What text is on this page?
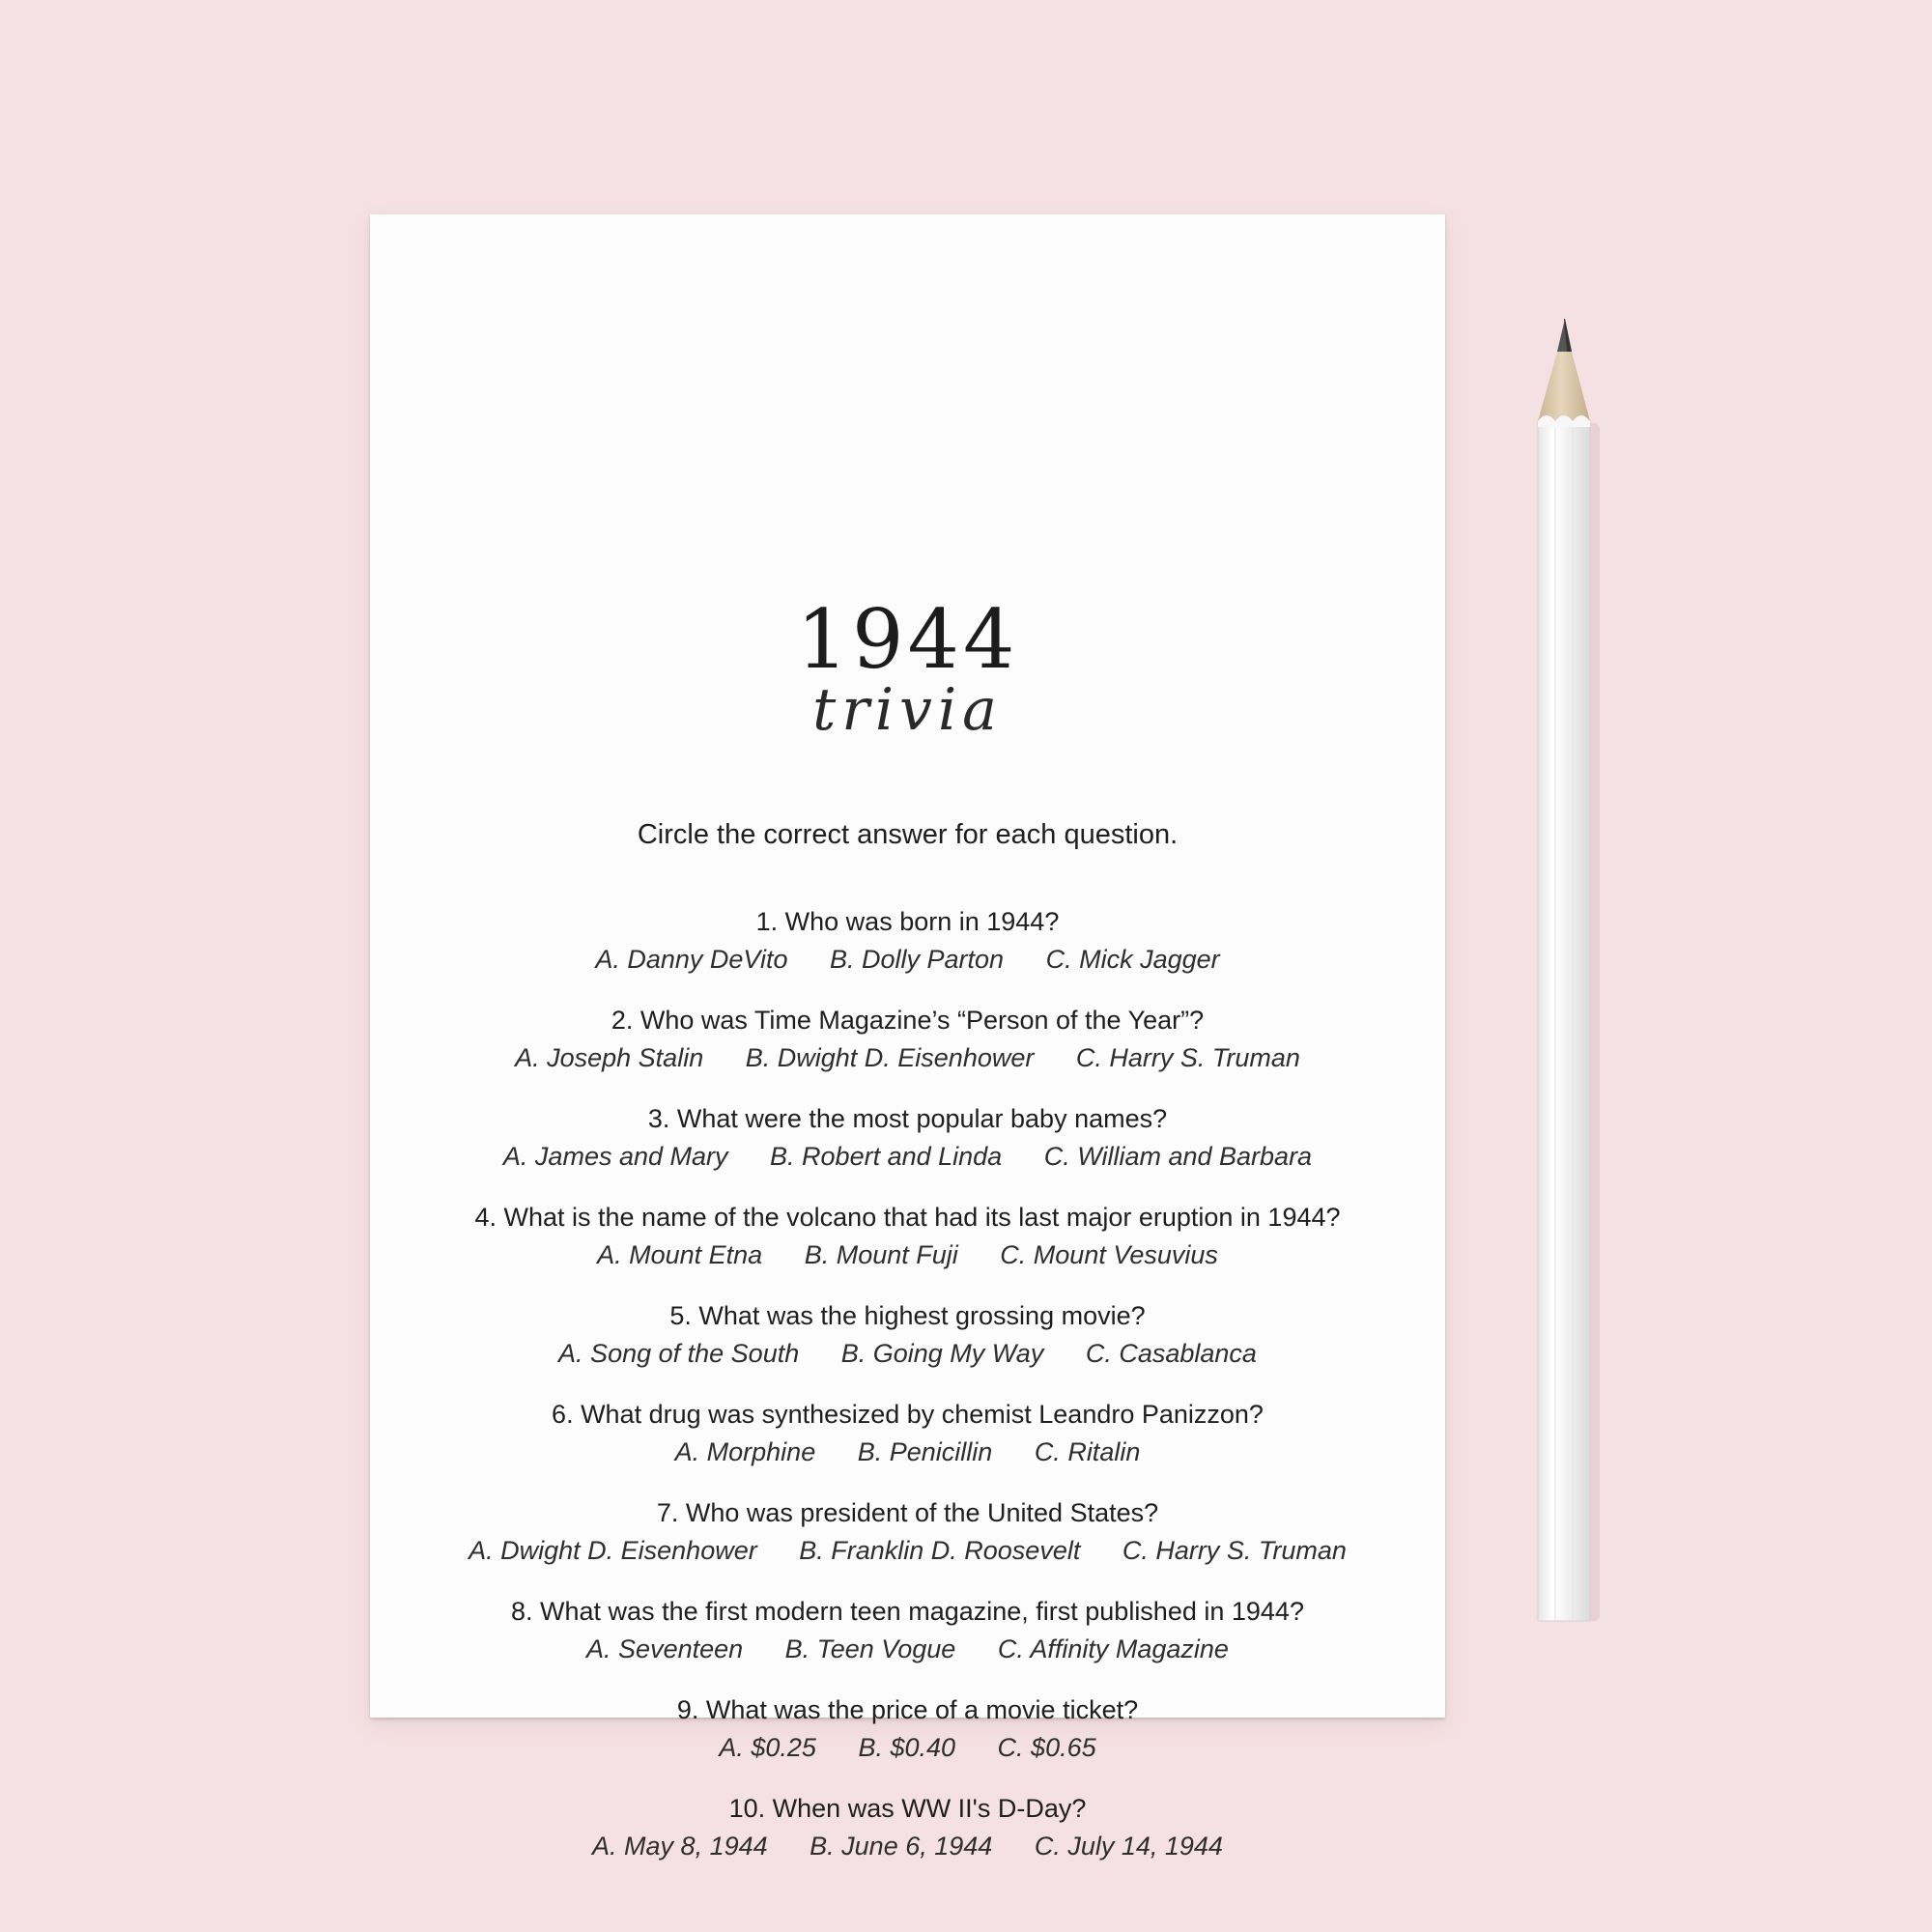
1944
trivia
Circle the correct answer for each question.
1. Who was born in 1944?
A. Danny DeVito B. Dolly Parton C. Mick Jagger
2. Who was Time Magazine’s “Person of the Year”?
A. Joseph Stalin B. Dwight D. Eisenhower C. Harry S. Truman
3. What were the most popular baby names?
A. James and Mary B. Robert and Linda C. William and Barbara
4. What is the name of the volcano that had its last major eruption in 1944?
A. Mount Etna B. Mount Fuji C. Mount Vesuvius
5. What was the highest grossing movie?
A. Song of the South B. Going My Way C. Casablanca
6. What drug was synthesized by chemist Leandro Panizzon?
A. Morphine B. Penicillin C. Ritalin
7. Who was president of the United States?
A. Dwight D. Eisenhower B. Franklin D. Roosevelt C. Harry S. Truman
8. What was the first modern teen magazine, first published in 1944?
A. Seventeen B. Teen Vogue C. Affinity Magazine
9. What was the price of a movie ticket?
A. $0.25 B. $0.40 C. $0.65
10. When was WW II's D-Day?
A. May 8, 1944 B. June 6, 1944 C. July 14, 1944
